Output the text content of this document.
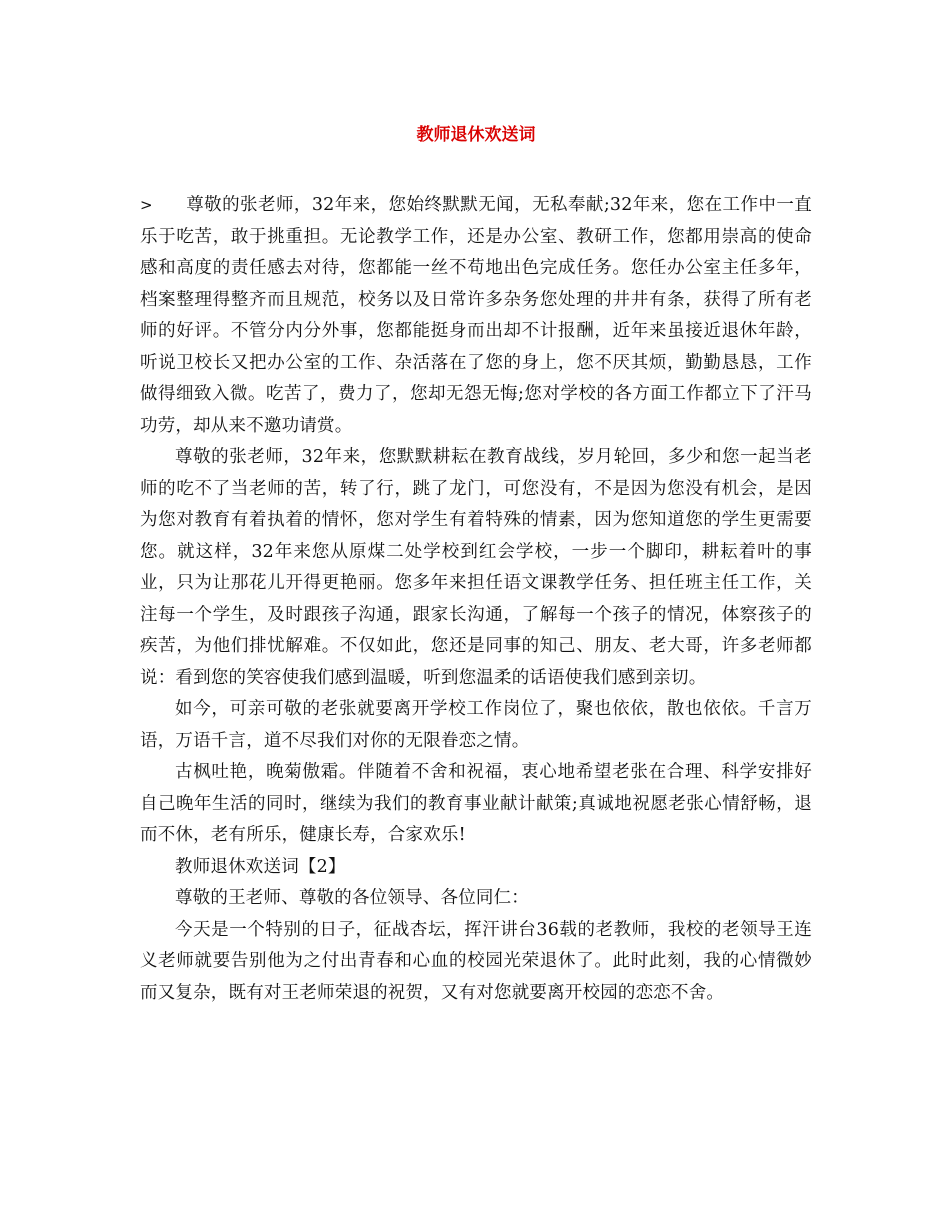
教师退休欢送词

> 尊敬的张老师，32年来，您始终默默无闻，无私奉献;32年来，您在工作中一直乐于吃苦，敢于挑重担。无论教学工作，还是办公室、教研工作，您都用崇高的使命感和高度的责任感去对待，您都能一丝不苟地出色完成任务。您任办公室主任多年，档案整理得整齐而且规范，校务以及日常许多杂务您处理的井井有条，获得了所有老师的好评。不管分内分外事，您都能挺身而出却不计报酬，近年来虽接近退休年龄，听说卫校长又把办公室的工作、杂活落在了您的身上，您不厌其烦，勤勤恳恳，工作做得细致入微。吃苦了，费力了，您却无怨无悔;您对学校的各方面工作都立下了汗马功劳，却从来不邀功请赏。

尊敬的张老师，32年来，您默默耕耘在教育战线，岁月轮回，多少和您一起当老师的吃不了当老师的苦，转了行，跳了龙门，可您没有，不是因为您没有机会，是因为您对教育有着执着的情怀，您对学生有着特殊的情素，因为您知道您的学生更需要您。就这样，32年来您从原煤二处学校到红会学校，一步一个脚印，耕耘着叶的事业，只为让那花儿开得更艳丽。您多年来担任语文课教学任务、担任班主任工作，关注每一个学生，及时跟孩子沟通，跟家长沟通，了解每一个孩子的情况，体察孩子的疾苦，为他们排忧解难。不仅如此，您还是同事的知己、朋友、老大哥，许多老师都说：看到您的笑容使我们感到温暖，听到您温柔的话语使我们感到亲切。

如今，可亲可敬的老张就要离开学校工作岗位了，聚也依依，散也依依。千言万语，万语千言，道不尽我们对你的无限眷恋之情。

古枫吐艳，晚菊傲霜。伴随着不舍和祝福，衷心地希望老张在合理、科学安排好自己晚年生活的同时，继续为我们的教育事业献计献策;真诚地祝愿老张心情舒畅，退而不休，老有所乐，健康长寿，合家欢乐!

教师退休欢送词【2】

尊敬的王老师、尊敬的各位领导、各位同仁：

今天是一个特别的日子，征战杏坛，挥汗讲台36载的老教师，我校的老领导王连义老师就要告别他为之付出青春和心血的校园光荣退休了。此时此刻，我的心情微妙而又复杂，既有对王老师荣退的祝贺，又有对您就要离开校园的恋恋不舍。
